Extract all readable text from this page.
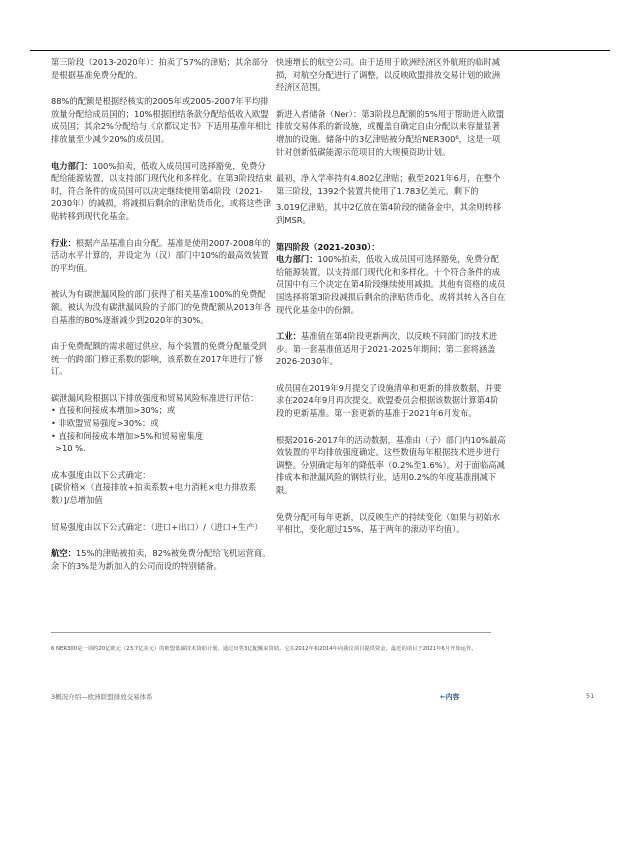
第三阶段（2013-2020年）：拍卖了57%的津贴；其余部分是根据基准免费分配的。

88%的配额是根据经核实的2005年或2005-2007年平均排放量分配给成员国的；10%根据团结条款分配给低收入欧盟成员国；其余2%分配给与《京都议定书》下适用基准年相比排放量至少减少20%的成员国。

电力部门：100%拍卖，低收入成员国可选择豁免，免费分配给能源装置，以支持部门现代化和多样化。在第3阶段结束时，符合条件的成员国可以决定继续使用第4阶段（2021-2030年）的减损，将减损后剩余的津贴货币化，或将这些津贴转移到现代化基金。

行业：根据产品基准自由分配。基准是使用2007-2008年的活动水平计算的，并设定为（汉）部门中10%的最高效装置的平均值。

被认为有碳泄漏风险的部门获得了相关基准100%的免费配额。被认为没有碳泄漏风险的子部门的免费配额从2013年各自基准的80%逐渐减少到2020年的30%。

由于免费配额的需求超过供应，每个装置的免费分配量受到统一的跨部门修正系数的影响，该系数在2017年进行了修订。

碳泄漏风险根据以下排放强度和贸易风险标准进行评估：

• 直接和间接成本增加>30%；或
• 非欧盟贸易强度>30%；或
• 直接和间接成本增加>5%和贸易密集度
>10 %.

成本强度由以下公式确定：
[碳价格×（直接排放+拍卖系数+电力消耗×电力排放系数）]/总增加值

贸易强度由以下公式确定：（进口+出口）/（进口+生产）

航空：15%的津贴被拍卖，82%被免费分配给飞机运营商。余下的3%是为新加入的公司而设的特别储备。

快速增长的航空公司。由于适用于欧洲经济区外航班的临时减损，对航空分配进行了调整，以反映欧盟排放交易计划的欧洲经济区范围。

新进入者储备（Ner）：第3阶段总配额的5%用于帮助进入欧盟排放交易体系的新设施，或覆盖自确定自由分配以来容量显著增加的设施。储备中的3亿津贴被分配给NER300⁶，这是一项针对创新低碳能源示范项目的大规模资助计划。

最初，净入学率持有4.802亿津贴；截至2021年6月，在整个第三阶段，1392个装置共使用了1.783亿美元。剩下的

3.019亿津贴，其中2亿放在第4阶段的储备金中，其余则转移到MSR。

第四阶段（2021-2030）：

电力部门：100%拍卖，低收入成员国可选择豁免，免费分配给能源装置，以支持部门现代化和多样化。十个符合条件的成员国中有三个决定在第4阶段继续使用减损。其他有资格的成员国选择将第3阶段减损后剩余的津贴货币化，或将其转入各自在现代化基金中的份额。

工业：基准值在第4阶段更新两次，以反映不同部门的技术进步。第一套基准值适用于2021-2025年期间；第二套将涵盖2026-2030年。

成员国在2019年9月提交了设施清单和更新的排放数据，并要求在2024年9月再次提交。欧盟委员会根据该数据计算第4阶段的更新基准。第一套更新的基准于2021年6月发布。

根据2016-2017年的活动数据，基准由（子）部门内10%最高效装置的平均排放强度确定。这些数值每年根据技术进步进行调整。分别确定每年的降低率（0.2%至1.6%）。对于面临高减排成本和泄漏风险的钢铁行业，适用0.2%的年度基准削减下限。

免费分配可每年更新，以反映生产的持续变化（如果与初始水平相比，变化超过15%，基于两年的滚动平均值）。

6 NER300是一项约20亿欧元（23.7亿美元）的欧盟低碳技术资助计划，通过出售3亿配额来资助。它在2012年和2014年向我议项目提供资金，最近的项目于2021年6月开始运作。
3概况介绍—欧洲联盟排放交易体系	←内容	51
